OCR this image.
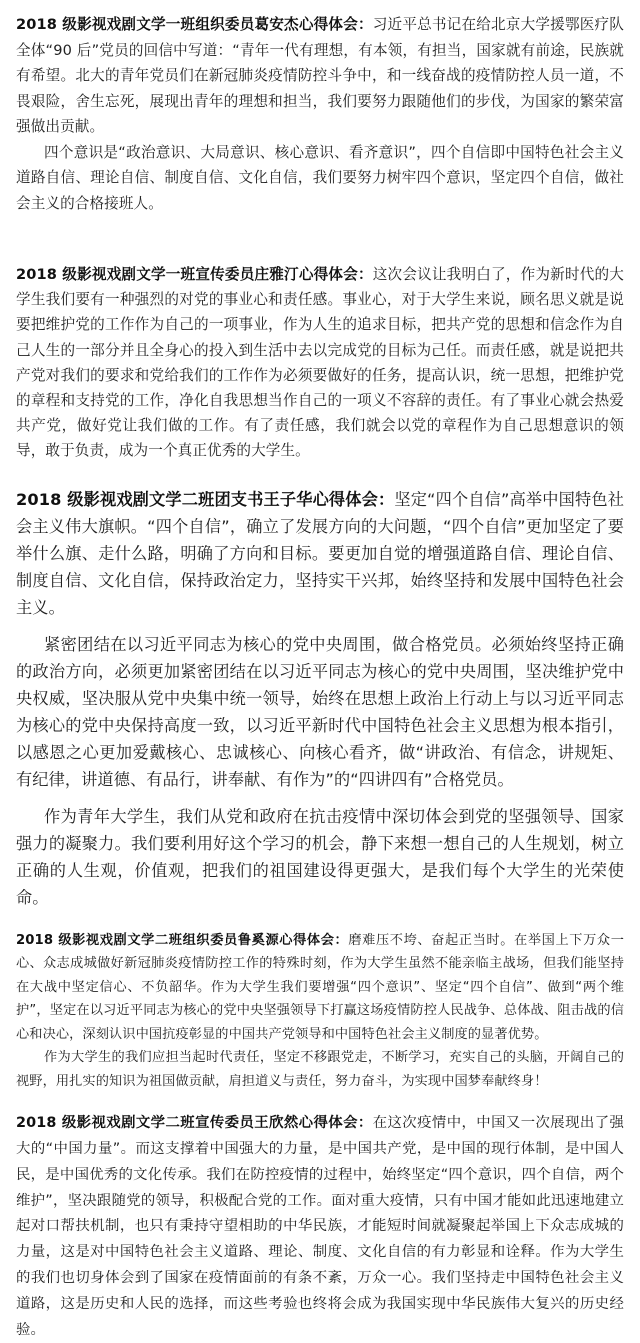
2018 级影视戏剧文学一班组织委员葛安杰心得体会：习近平总书记在给北京大学援鄂医疗队全体“90 后”党员的回信中写道：“青年一代有理想，有本领，有担当，国家就有前途，民族就有希望。北大的青年党员们在新冠肺炎疫情防控斗争中，和一线奋战的疫情防控人员一道，不畏艰险，舍生忘死，展现出青年的理想和担当，我们要努力跟随他们的步伐，为国家的繁荣富强做出贡献。

四个意识是“政治意识、大局意识、核心意识、看齐意识”，四个自信即中国特色社会主义道路自信、理论自信、制度自信、文化自信，我们要努力树牢四个意识，坚定四个自信，做社会主义的合格接班人。

2018 级影视戏剧文学一班宣传委员庄雅汀心得体会：这次会议让我明白了，作为新时代的大学生我们要有一种强烈的对党的事业心和责任感。事业心，对于大学生来说，顾名思义就是说要把维护党的工作作为自己的一项事业，作为人生的追求目标，把共产党的思想和信念作为自己人生的一部分并且全身心的投入到生活中去以完成党的目标为己任。而责任感，就是说把共产党对我们的要求和党给我们的工作作为必须要做好的任务，提高认识，统一思想，把维护党的章程和支持党的工作，净化自我思想当作自己的一项义不容辞的责任。有了事业心就会热爱共产党，做好党让我们做的工作。有了责任感，我们就会以党的章程作为自己思想意识的领导，敢于负责，成为一个真正优秀的大学生。

2018 级影视戏剧文学二班团支书王子华心得体会：坚定“四个自信”高举中国特色社会主义伟大旗帜。“四个自信”，确立了发展方向的大问题，“四个自信”更加坚定了要举什么旗、走什么路，明确了方向和目标。要更加自觉的增强道路自信、理论自信、制度自信、文化自信，保持政治定力，坚持实干兴邦，始终坚持和发展中国特色社会主义。

紧密团结在以习近平同志为核心的党中央周围，做合格党员。必须始终坚持正确的政治方向，必须更加紧密团结在以习近平同志为核心的党中央周围，坚决维护党中央权威，坚决服从党中央集中统一领导，始终在思想上政治上行动上与以习近平同志为核心的党中央保持高度一致，以习近平新时代中国特色社会主义思想为根本指引，以感恩之心更加爱戴核心、忠诚核心、向核心看齐，做“讲政治、有信念，讲规矩、有纪律，讲道德、有品行，讲奉献、有作为”的“四讲四有”合格党员。

作为青年大学生，我们从党和政府在抗击疫情中深切体会到党的坚强领导、国家强力的凝聚力。我们要利用好这个学习的机会，静下来想一想自己的人生规划，树立正确的人生观，价值观，把我们的祖国建设得更强大，是我们每个大学生的光荣使命。

2018 级影视戏剧文学二班组织委员鲁奚源心得体会：磨难压不垮、奋起正当时。在举国上下万众一心、众志成城做好新冠肺炎疫情防控工作的特殊时刻，作为大学生虽然不能亲临主战场，但我们能坚持在大战中坚定信心、不负韶华。作为大学生我们要增强“四个意识”、坚定“四个自信”、做到“两个维护”，坚定在以习近平同志为核心的党中央坚强领导下打赢这场疫情防控人民战争、总体战、阻击战的信心和决心，深刻认识中国抗疫彰显的中国共产党领导和中国特色社会主义制度的显著优势。

作为大学生的我们应担当起时代责任，坚定不移跟党走，不断学习，充实自己的头脑，开阔自己的视野，用扎实的知识为祖国做贡献，肩担道义与责任，努力奋斗，为实现中国梦奉献终身！

2018 级影视戏剧文学二班宣传委员王欣然心得体会：在这次疫情中，中国又一次展现出了强大的“中国力量”。而这支撑着中国强大的力量，是中国共产党，是中国的现行体制，是中国人民，是中国优秀的文化传承。我们在防控疫情的过程中，始终坚定“四个意识，四个自信，两个维护”，坚决跟随党的领导，积极配合党的工作。面对重大疫情，只有中国才能如此迅速地建立起对口帮扶机制，也只有秉持守望相助的中华民族，才能短时间就凝聚起举国上下众志成城的力量，这是对中国特色社会主义道路、理论、制度、文化自信的有力彰显和诠释。作为大学生的我们也切身体会到了国家在疫情面前的有条不紊，万众一心。我们坚持走中国特色社会主义道路，这是历史和人民的选择，而这些考验也终将会成为我国实现中华民族伟大复兴的历史经验。
